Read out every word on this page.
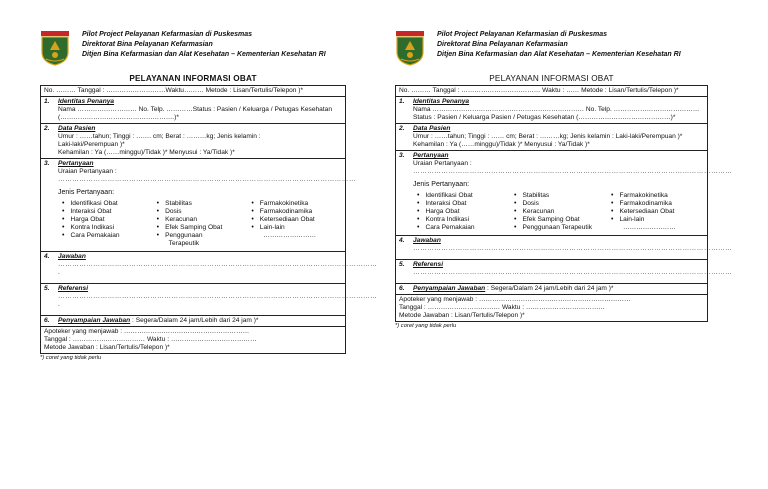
Pilot Project Pelayanan Kefarmasian di Puskesmas
Direktorat Bina Pelayanan Kefarmasian
Ditjen Bina Kefarmasian dan Alat Kesehatan – Kementerian Kesehatan RI
PELAYANAN INFORMASI OBAT
No. ……… Tanggal : ………………………Waktu……… Metode : Lisan/Tertulis/Telepon )*
1.	Identitas Penanya
Nama ……………………… No. Telp. …………Status : Pasien / Keluarga / Petugas Kesehatan
(…………………………………………….)*
2.	Data Pasien
Umur : ……tahun; Tinggi : ……. cm; Berat : ………kg; Jenis kelamin :
Laki-laki/Perempuan )*
Kehamilan : Ya (……minggu)/Tidak )* Menyusui : Ya/Tidak )*
3.	Pertanyaan
Uraian Pertanyaan :
………………………………………………………………………………………………………………
Jenis Pertanyaan:
• Identifikasi Obat
• Interaksi Obat
• Harga Obat
• Kontra Indikasi
• Cara Pemakaian
• Stabilitas
• Dosis
• Keracunan
• Efek Samping Obat
• Penggunaan
Terapeutik
• Farmakokinetika
• Farmakodinamika
• Ketersediaan Obat
• Lain-lain
……………………
4.	Jawaban
………………………………………………………………………………………………………………………
.
5.	Referensi
………………………………………………………………………………………………………………………
.
6.	Penyampaian Jawaban : Segera/Dalam 24 jam/Lebih dari 24 jam )*
Apoteker yang menjawab : …………………………………………………
Tanggal : …………………………… Waktu : …………………………………
Metode Jawaban : Lisan/Tertulis/Telepon )*
*) coret yang tidak perlu
Pilot Project Pelayanan Kefarmasian di Puskesmas
Direktorat Bina Pelayanan Kefarmasian
Ditjen Bina Kefarmasian dan Alat Kesehatan – Kementerian Kesehatan RI
PELAYANAN INFORMASI OBAT
No. ……… Tanggal : ……………………………… Waktu : …… Metode : Lisan/Tertulis/Telepon )*
1.	Identitas Penanya
Nama …………………………………………………………… No. Telp. …………………………………
Status : Pasien / Keluarga Pasien / Petugas Kesehatan (……………………………………)*
2.	Data Pasien
Umur : ……tahun; Tinggi : …… cm; Berat : ………kg; Jenis kelamin : Laki-laki/Perempuan )*
Kehamilan : Ya (……minggu)/Tidak )* Menyusui : Ya/Tidak )*
3.	Pertanyaan
Uraian Pertanyaan :
………………………………………………………………………………………………………………………
Jenis Pertanyaan:
• Identifikasi Obat
• Interaksi Obat
• Harga Obat
• Kontra Indikasi
• Cara Pemakaian
• Stabilitas
• Dosis
• Keracunan
• Efek Samping Obat
• Penggunaan Terapeutik
• Farmakokinetika
• Farmakodinamika
• Ketersediaan Obat
• Lain-lain
……………………
4.	Jawaban
………………………………………………………………………………………………………………………
5.	Referensi
………………………………………………………………………………………………………………………
6.	Penyampaian Jawaban : Segera/Dalam 24 jam/Lebih dari 24 jam )*
Apoteker yang menjawab : ……………………………………………………………
Tanggal : …………………………… Waktu : ………………………………
Metode Jawaban : Lisan/Tertulis/Telepon )*
*) coret yang tidak perlu
